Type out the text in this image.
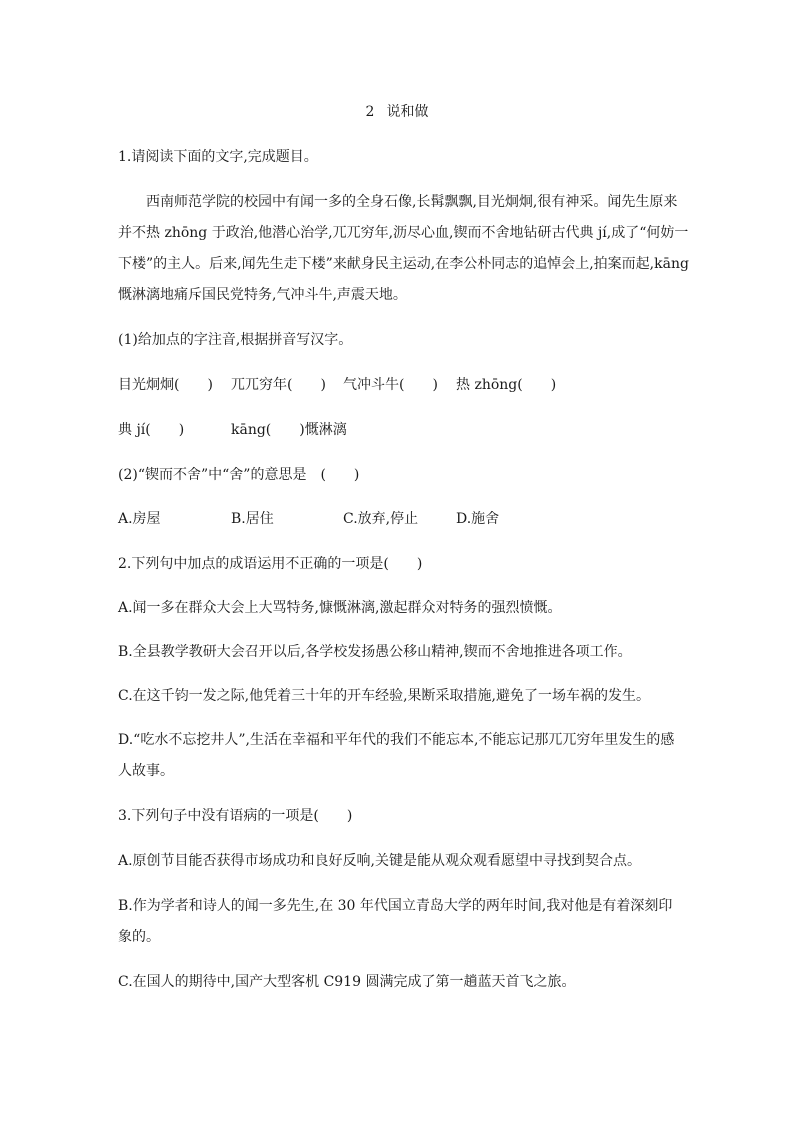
2 说和做
1.请阅读下面的文字,完成题目。
西南师范学院的校园中有闻一多的全身石像,长髯飘飘,目光炯炯,很有神采。闻先生原来
并不热 zhōng 于政治,他潜心治学,兀兀穷年,沥尽心血,锲而不舍地钻研古代典 jí,成了“何妨一
下楼”的主人。后来,闻先生走下楼”来献身民主运动,在李公朴同志的追悼会上,拍案而起,kāng
慨淋漓地痛斥国民党特务,气冲斗牛,声震天地。
(1)给加点的字注音,根据拼音写汉字。
目光炯炯(　　) 兀兀穷年(　　) 气冲斗牛(　　) 热 zhōng(　　)
典 jí(　　)	kāng(　　)慨淋漓
(2)“锲而不舍”中“舍”的意思是　(　　)
A.房屋	B.居住	C.放弃,停止	D.施舍
2.下列句中加点的成语运用不正确的一项是(　　)
A.闻一多在群众大会上大骂特务,慷慨淋漓,激起群众对特务的强烈愤慨。
B.全县教学教研大会召开以后,各学校发扬愚公移山精神,锲而不舍地推进各项工作。
C.在这千钧一发之际,他凭着三十年的开车经验,果断采取措施,避免了一场车祸的发生。
D.“吃水不忘挖井人”,生活在幸福和平年代的我们不能忘本,不能忘记那兀兀穷年里发生的感
人故事。
3.下列句子中没有语病的一项是(　　)
A.原创节目能否获得市场成功和良好反响,关键是能从观众观看愿望中寻找到契合点。
B.作为学者和诗人的闻一多先生,在 30 年代国立青岛大学的两年时间,我对他是有着深刻印
象的。
C.在国人的期待中,国产大型客机 C919 圆满完成了第一趟蓝天首飞之旅。
